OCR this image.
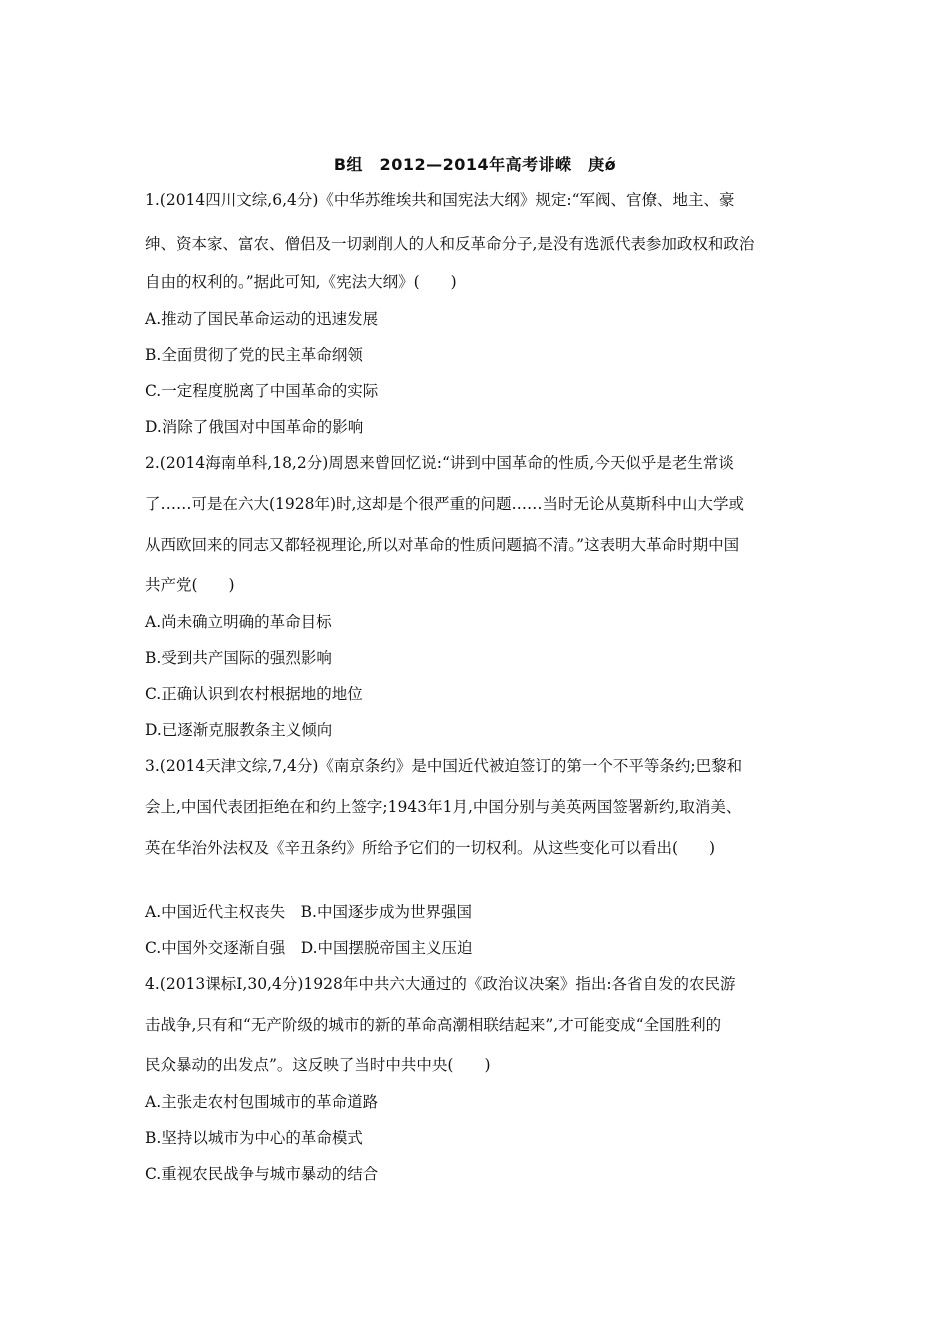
B组　2012—2014年高考诽嵘　庚ǿ
1.(2014四川文综,6,4分)《中华苏维埃共和国宪法大纲》规定:“军阀、官僚、地主、豪
绅、资本家、富农、僧侣及一切剥削人的人和反革命分子,是没有选派代表参加政权和政治
自由的权利的。”据此可知,《宪法大纲》(　　)
A.推动了国民革命运动的迅速发展
B.全面贯彻了党的民主革命纲领
C.一定程度脱离了中国革命的实际
D.消除了俄国对中国革命的影响
2.(2014海南单科,18,2分)周恩来曾回忆说:“讲到中国革命的性质,今天似乎是老生常谈
了……可是在六大(1928年)时,这却是个很严重的问题……当时无论从莫斯科中山大学或
从西欧回来的同志又都轻视理论,所以对革命的性质问题搞不清。”这表明大革命时期中国
共产党(　　)
A.尚未确立明确的革命目标
B.受到共产国际的强烈影响
C.正确认识到农村根据地的地位
D.已逐渐克服教条主义倾向
3.(2014天津文综,7,4分)《南京条约》是中国近代被迫签订的第一个不平等条约;巴黎和
会上,中国代表团拒绝在和约上签字;1943年1月,中国分别与美英两国签署新约,取消美、
英在华治外法权及《辛丑条约》所给予它们的一切权利。从这些变化可以看出(　　)
A.中国近代主权丧失　B.中国逐步成为世界强国
C.中国外交逐渐自强　D.中国摆脱帝国主义压迫
4.(2013课标Ⅰ,30,4分)1928年中共六大通过的《政治议决案》指出:各省自发的农民游
击战争,只有和“无产阶级的城市的新的革命高潮相联结起来”,才可能变成“全国胜利的
民众暴动的出发点”。这反映了当时中共中央(　　)
A.主张走农村包围城市的革命道路
B.坚持以城市为中心的革命模式
C.重视农民战争与城市暴动的结合
